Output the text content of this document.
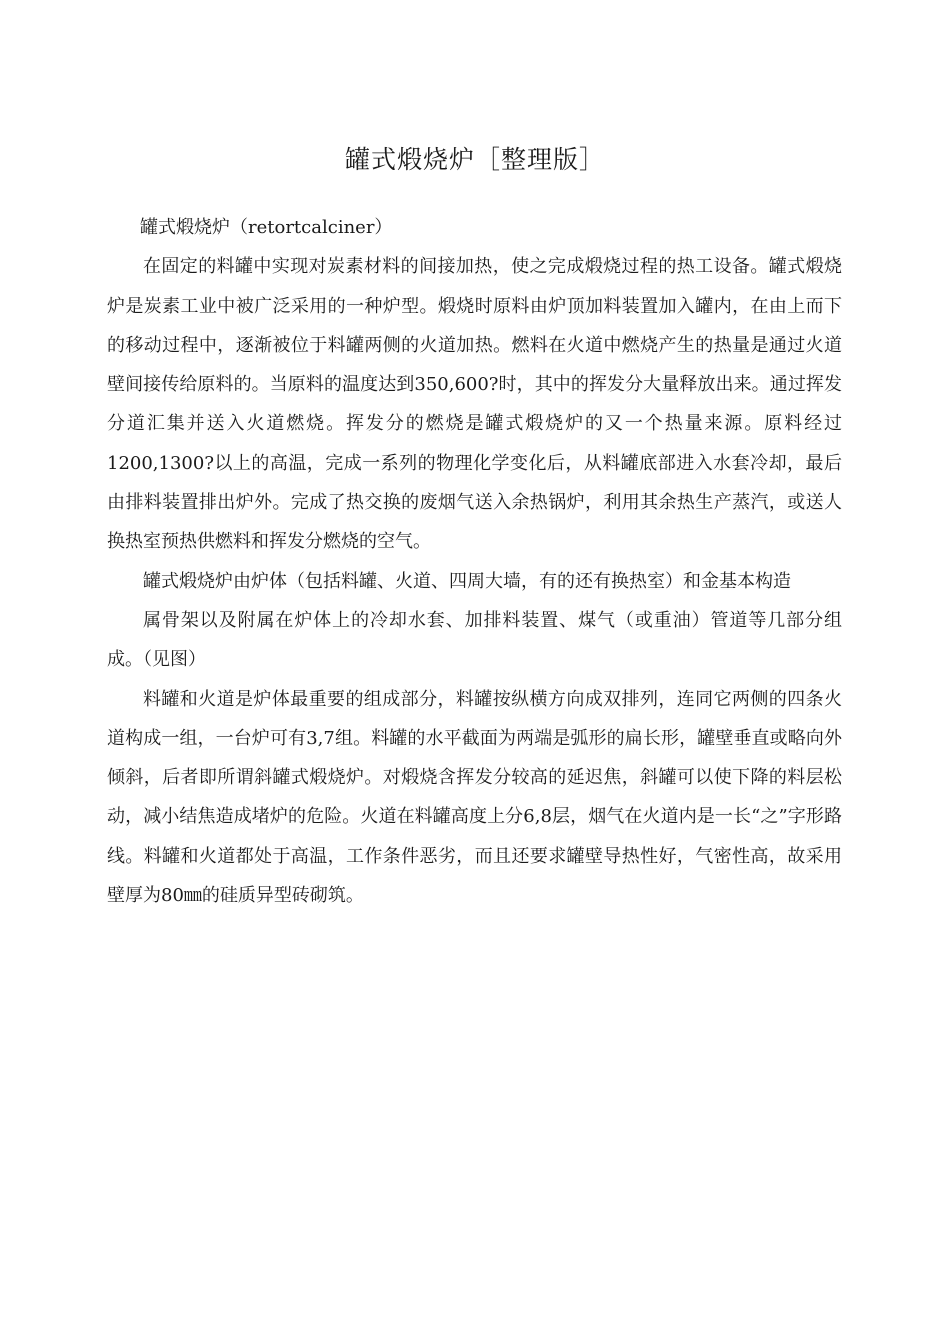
罐式煅烧炉［整理版］

罐式煅烧炉（retortcalciner）

在固定的料罐中实现对炭素材料的间接加热，使之完成煅烧过程的热工设备。罐式煅烧炉是炭素工业中被广泛采用的一种炉型。煅烧时原料由炉顶加料装置加入罐内，在由上而下的移动过程中，逐渐被位于料罐两侧的火道加热。燃料在火道中燃烧产生的热量是通过火道壁间接传给原料的。当原料的温度达到350,600?时，其中的挥发分大量释放出来。通过挥发分道汇集并送入火道燃烧。挥发分的燃烧是罐式煅烧炉的又一个热量来源。原料经过1200,1300?以上的高温，完成一系列的物理化学变化后，从料罐底部进入水套冷却，最后由排料装置排出炉外。完成了热交换的废烟气送入余热锅炉，利用其余热生产蒸汽，或送人换热室预热供燃料和挥发分燃烧的空气。

罐式煅烧炉由炉体（包括料罐、火道、四周大墙，有的还有换热室）和金基本构造

属骨架以及附属在炉体上的冷却水套、加排料装置、煤气（或重油）管道等几部分组成。（见图）

料罐和火道是炉体最重要的组成部分，料罐按纵横方向成双排列，连同它两侧的四条火道构成一组，一台炉可有3,7组。料罐的水平截面为两端是弧形的扁长形，罐壁垂直或略向外倾斜，后者即所谓斜罐式煅烧炉。对煅烧含挥发分较高的延迟焦，斜罐可以使下降的料层松动，减小结焦造成堵炉的危险。火道在料罐高度上分6,8层，烟气在火道内是一长“之”字形路线。料罐和火道都处于高温，工作条件恶劣，而且还要求罐壁导热性好，气密性高，故采用壁厚为80㎜的硅质异型砖砌筑。
